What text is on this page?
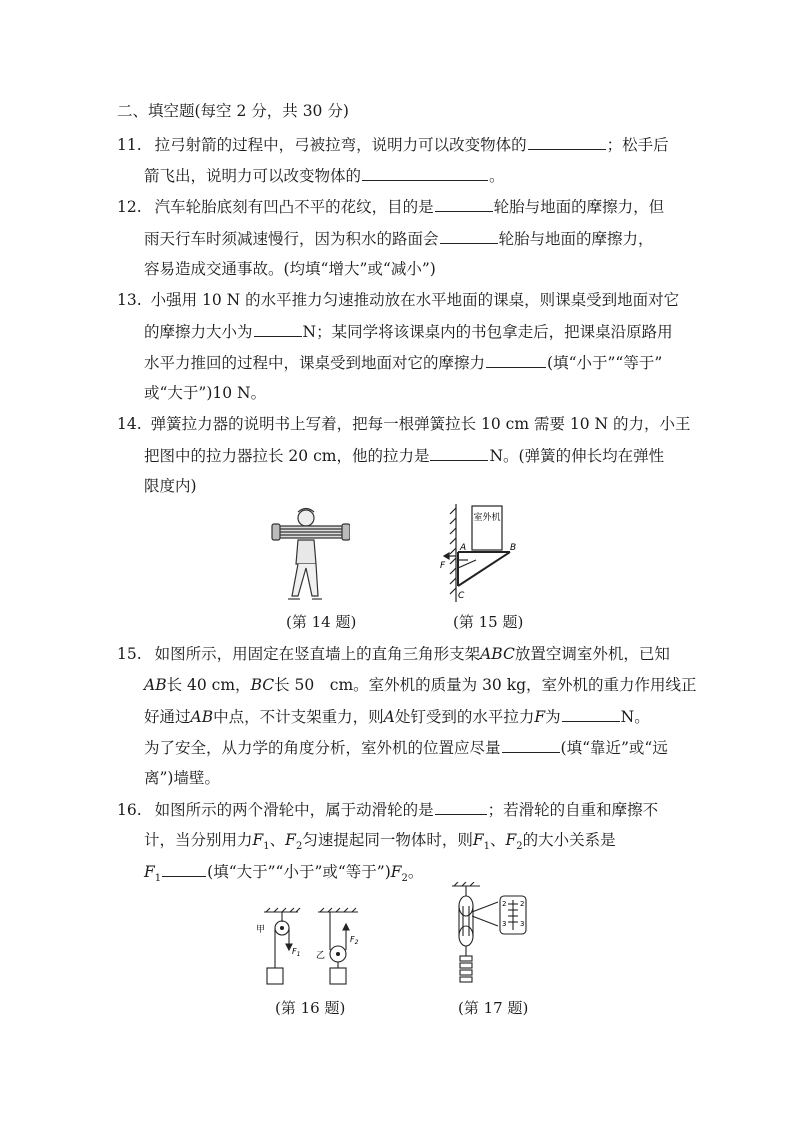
二、填空题(每空 2 分，共 30 分)
11. 拉弓射箭的过程中，弓被拉弯，说明力可以改变物体的	；松手后
箭飞出，说明力可以改变物体的	。
12. 汽车轮胎底刻有凹凸不平的花纹，目的是	轮胎与地面的摩擦力，但
雨天行车时须减速慢行，因为积水的路面会	轮胎与地面的摩擦力，
容易造成交通事故。(均填“增大”或“减小”)
13. 小强用 10 N 的水平推力匀速推动放在水平地面的课桌，则课桌受到地面对它
的摩擦力大小为	N；某同学将该课桌内的书包拿走后，把课桌沿原路用
水平力推回的过程中，课桌受到地面对它的摩擦力	(填“小于”“等于”
或“大于”)10 N。
14. 弹簧拉力器的说明书上写着，把每一根弹簧拉长 10 cm 需要 10 N 的力，小王
把图中的拉力器拉长 20 cm，他的拉力是	N。(弹簧的伸长均在弹性
限度内)
室外机
A	B
C
F
(第 14 题)	(第 15 题)
15. 如图所示，用固定在竖直墙上的直角三角形支架ABC放置空调室外机，已知
AB长 40 cm，BC长 50　cm。室外机的质量为 30 kg，室外机的重力作用线正
好通过AB中点，不计支架重力，则A处钉受到的水平拉力F为	N。
为了安全，从力学的角度分析，室外机的位置应尽量	(填“靠近”或“远
离”)墙壁。
16. 如图所示的两个滑轮中，属于动滑轮的是	；若滑轮的自重和摩擦不
计，当分别用力$F_1$、$F_2$匀速提起同一物体时，则$F_1$、$F_2$的大小关系是
$F_1$	(填“大于”“小于”或“等于$”)F_2$。
甲
$F_1$ 乙
$F_2$
2 2
3 3
(第 16 题)	(第 17 题)
